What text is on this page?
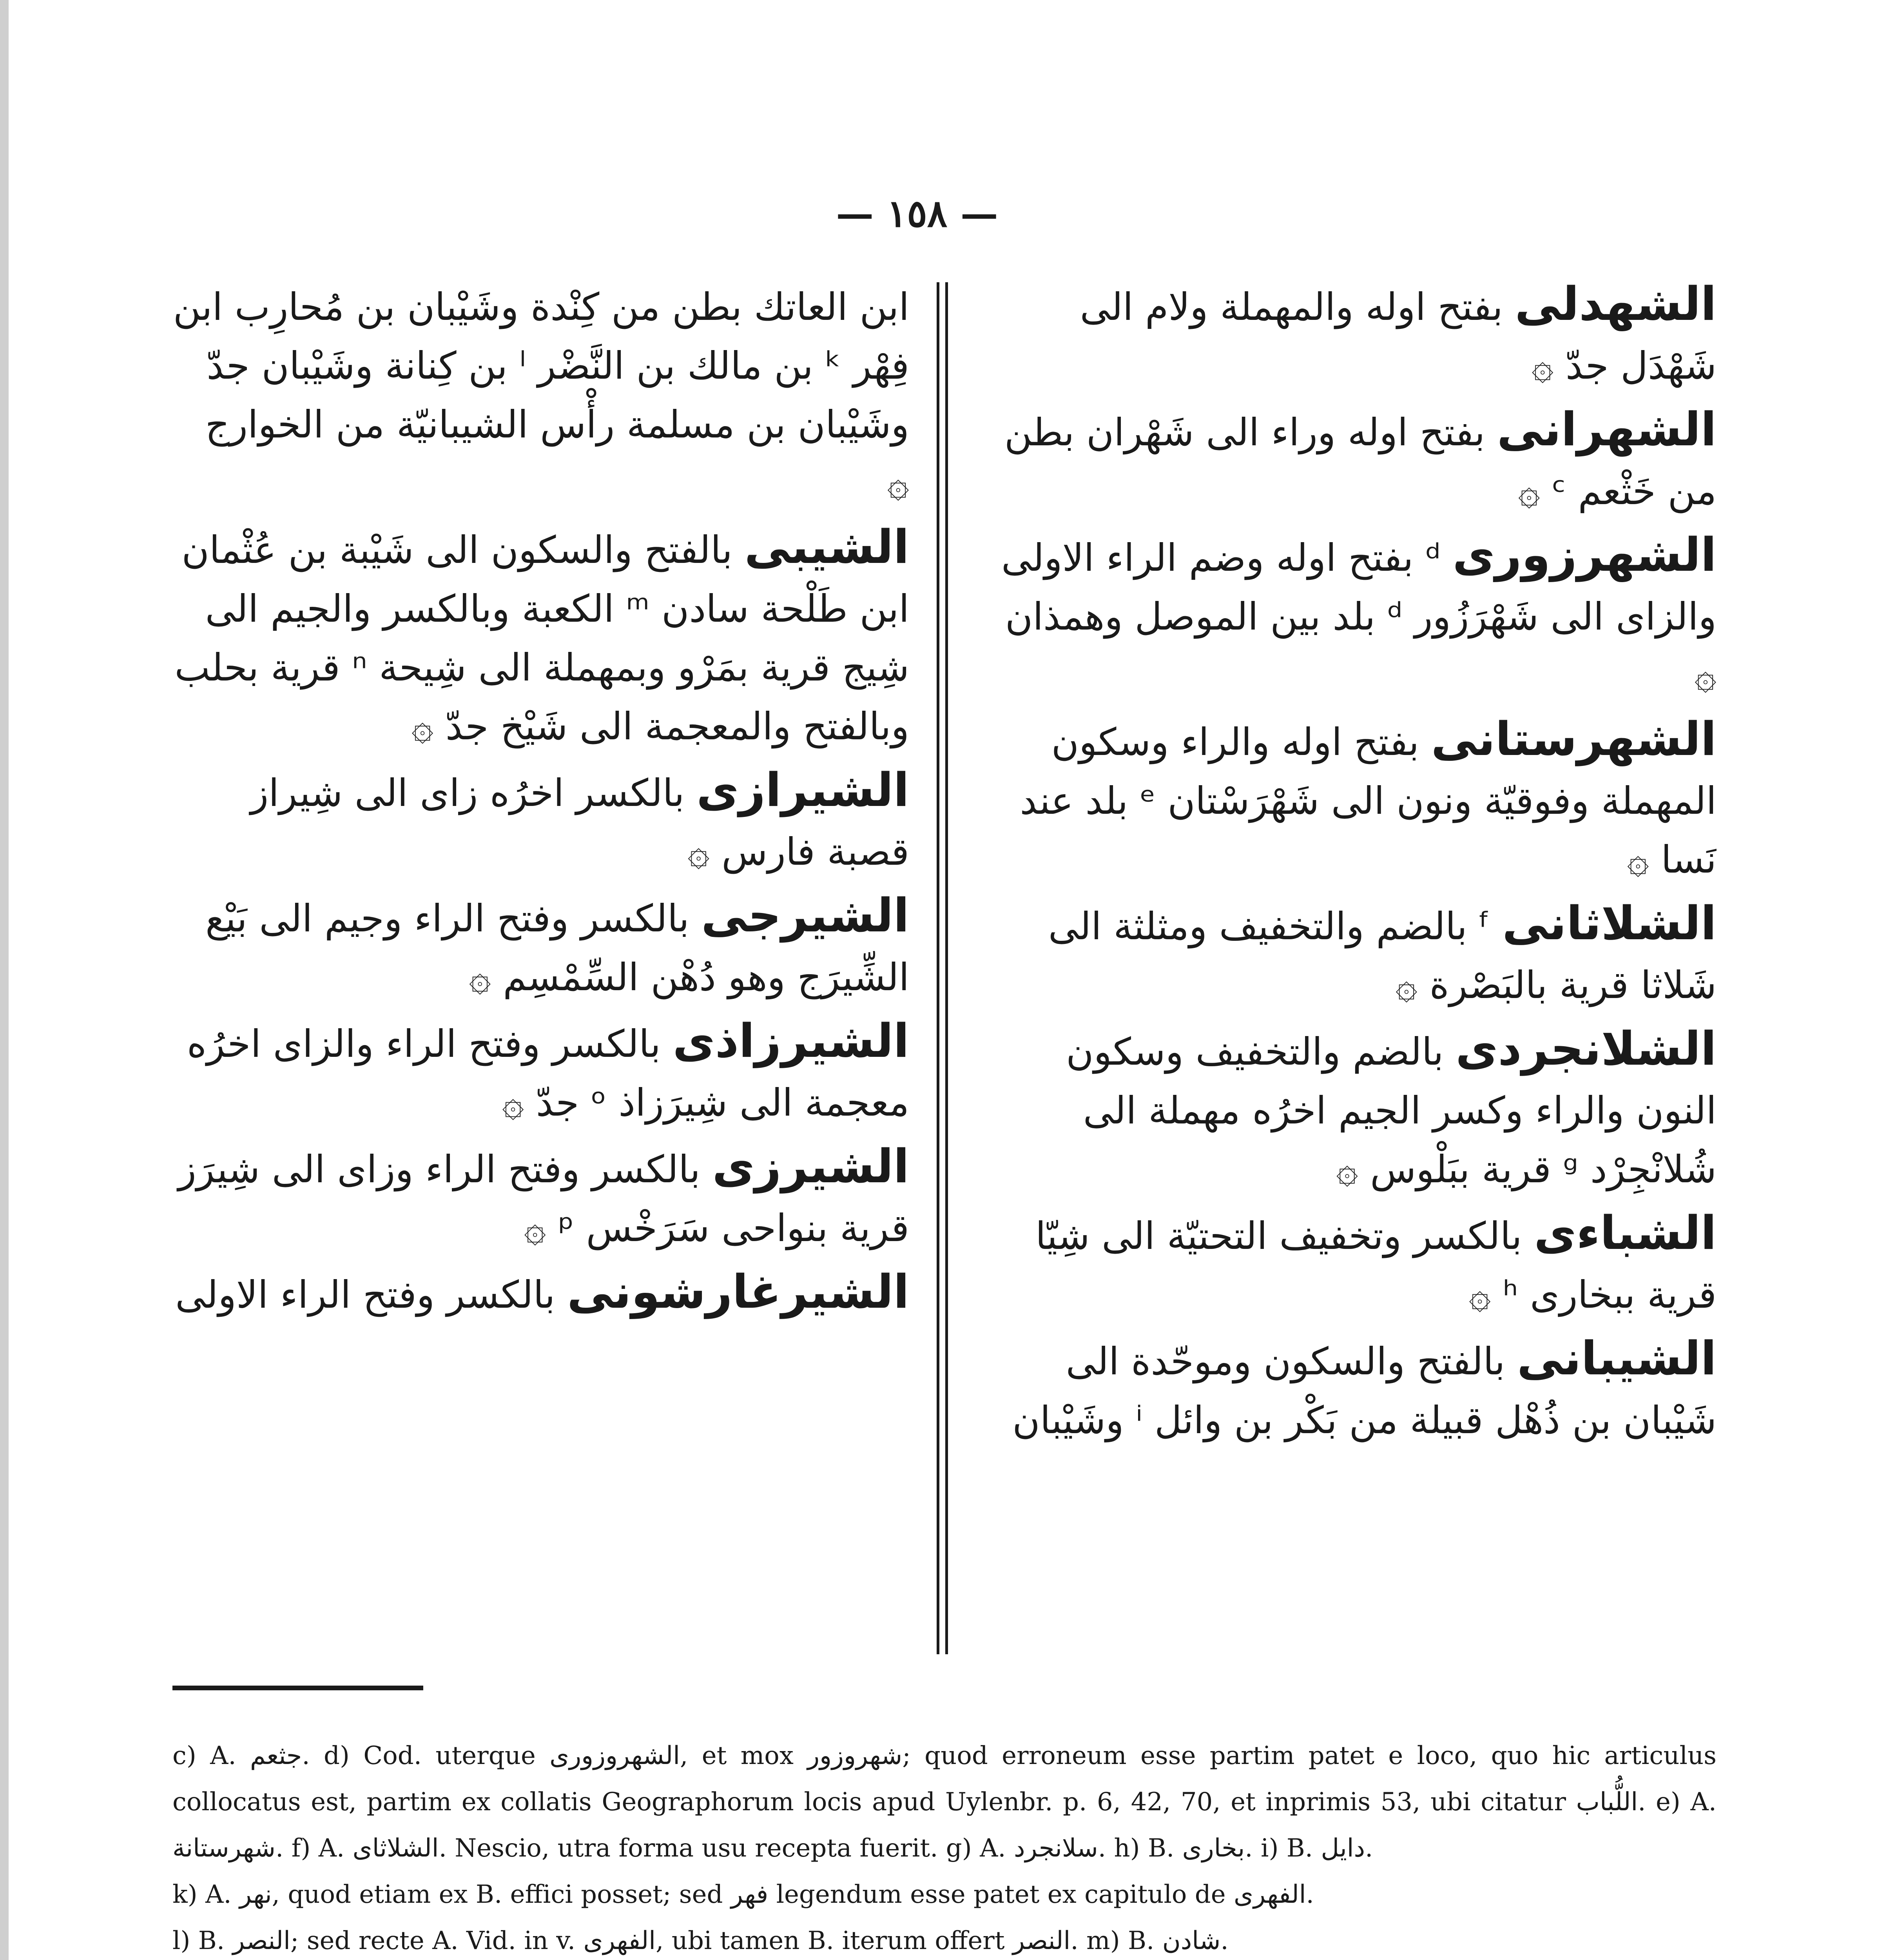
— ١٥٨ —

الشهدلى بفتح اوله والمهملة ولام الى شَهْدَل جدّ ۞

الشهرانى بفتح اوله وراء الى شَهْران بطن من خَثْعم ᶜ ۞

الشهرزورى ᵈ بفتح اوله وضم الراء الاولى والزاى الى شَهْرَزُور ᵈ بلد بين الموصل وهمذان ۞

الشهرستانى بفتح اوله والراء وسكون المهملة وفوقيّة ونون الى شَهْرَسْتان ᵉ بلد عند نَسا ۞

الشلاثانى ᶠ بالضم والتخفيف ومثلثة الى شَلاثا قرية بالبَصْرة ۞

الشلانجردى بالضم والتخفيف وسكون النون والراء وكسر الجيم اخرُه مهملة الى شُلانْجِرْد ᵍ قرية ببَلْوس ۞

الشباءى بالكسر وتخفيف التحتيّة الى شِيّا قرية ببخارى ʰ ۞

الشيبانى بالفتح والسكون وموحّدة الى شَيْبان بن ذُهْل قبيلة من بَكْر بن وائل ⁱ وشَيْبان

ابن العاتك بطن من كِنْدة وشَيْبان بن مُحارِب ابن فِهْر ᵏ بن مالك بن النَّضْر ˡ بن كِنانة وشَيْبان جدّ وشَيْبان بن مسلمة رأْس الشيبانيّة من الخوارج ۞

الشيبى بالفتح والسكون الى شَيْبة بن عُثْمان ابن طَلْحة سادن ᵐ الكعبة وبالكسر والجيم الى شِيج قرية بمَرْو وبمهملة الى شِيحة ⁿ قرية بحلب وبالفتح والمعجمة الى شَيْخ جدّ ۞

الشيرازى بالكسر اخرُه زاى الى شِيراز قصبة فارس ۞

الشيرجى بالكسر وفتح الراء وجيم الى بَيْع الشِّيرَج وهو دُهْن السِّمْسِم ۞

الشيرزاذى بالكسر وفتح الراء والزاى اخرُه معجمة الى شِيرَزاذ ᵒ جدّ ۞

الشيرزى بالكسر وفتح الراء وزاى الى شِيرَز قرية بنواحى سَرَخْس ᵖ ۞

الشيرغارشونى بالكسر وفتح الراء الاولى

c) A. جثعم. d) Cod. uterque الشهروزورى, et mox شهروزور; quod erroneum esse partim patet e loco, quo hic articulus collocatus est, partim ex collatis Geographorum locis apud Uylenbr. p. 6, 42, 70, et inprimis 53, ubi citatur اللُّباب. e) A. شهرستانة. f) A. الشلاثاى. Nescio, utra forma usu recepta fuerit. g) A. سلانجرد. h) B. بخارى. i) B. دايل.

k) A. نهر, quod etiam ex B. effici posset; sed فهر legendum esse patet ex capitulo de الفهرى.

l) B. النصر; sed recte A. Vid. in v. الفهرى, ubi tamen B. iterum offert النصر. m) B. شادن.
